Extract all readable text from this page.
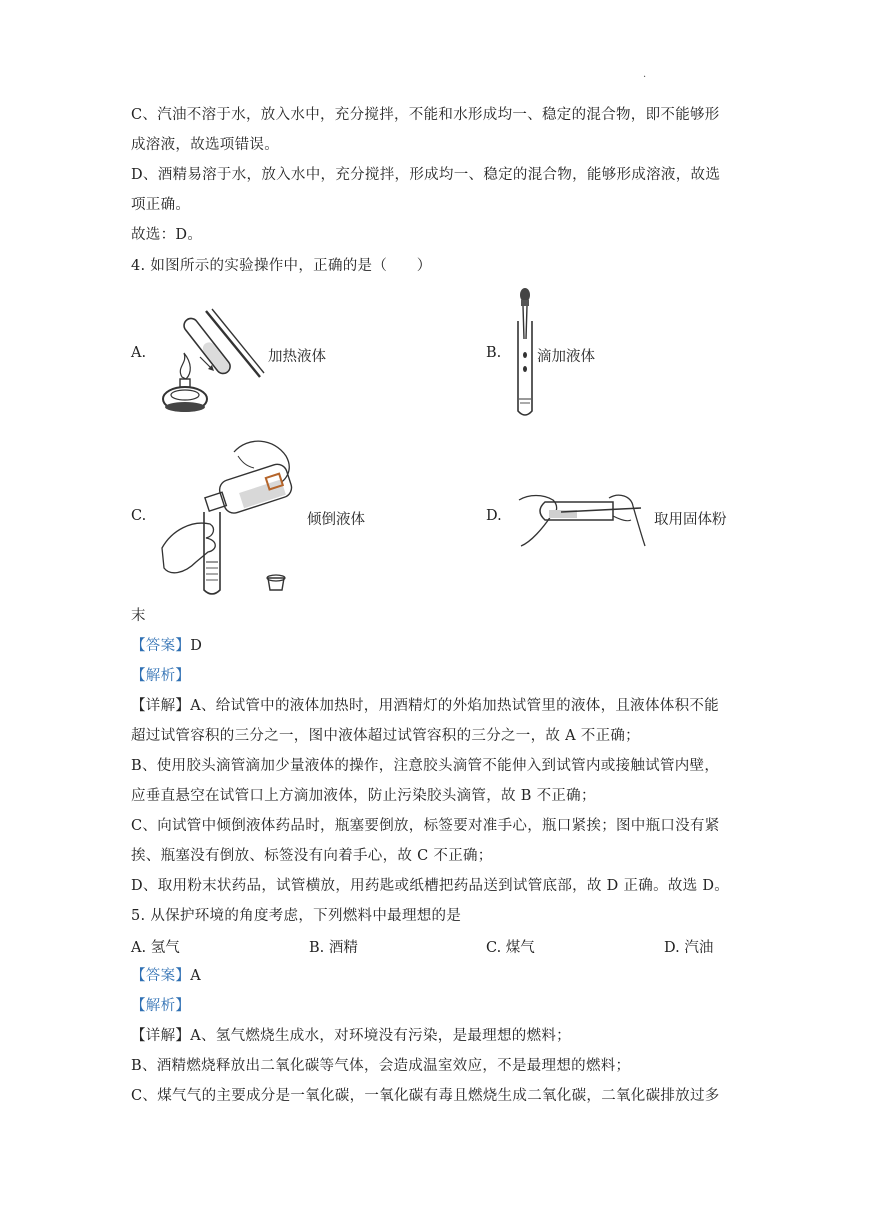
·
C、汽油不溶于水，放入水中，充分搅拌，不能和水形成均一、稳定的混合物，即不能够形
成溶液，故选项错误。
D、酒精易溶于水，放入水中，充分搅拌，形成均一、稳定的混合物，能够形成溶液，故选
项正确。
故选：D。
4. 如图所示的实验操作中，正确的是（　　）
A.	加热液体	B. 滴加液体
C.	倾倒液体	D.	取用固体粉
末
【答案】D
【解析】
【详解】A、给试管中的液体加热时，用酒精灯的外焰加热试管里的液体，且液体体积不能
超过试管容积的三分之一，图中液体超过试管容积的三分之一，故 A 不正确；
B、使用胶头滴管滴加少量液体的操作，注意胶头滴管不能伸入到试管内或接触试管内壁，
应垂直悬空在试管口上方滴加液体，防止污染胶头滴管，故 B 不正确；
C、向试管中倾倒液体药品时，瓶塞要倒放，标签要对准手心，瓶口紧挨；图中瓶口没有紧
挨、瓶塞没有倒放、标签没有向着手心，故 C 不正确；
D、取用粉末状药品，试管横放，用药匙或纸槽把药品送到试管底部，故 D 正确。故选 D。
5. 从保护环境的角度考虑，下列燃料中最理想的是
A. 氢气	B. 酒精	C. 煤气	D. 汽油
【答案】A
【解析】
【详解】A、氢气燃烧生成水，对环境没有污染，是最理想的燃料；
B、酒精燃烧释放出二氧化碳等气体，会造成温室效应，不是最理想的燃料；
C、煤气气的主要成分是一氧化碳，一氧化碳有毒且燃烧生成二氧化碳，二氧化碳排放过多
